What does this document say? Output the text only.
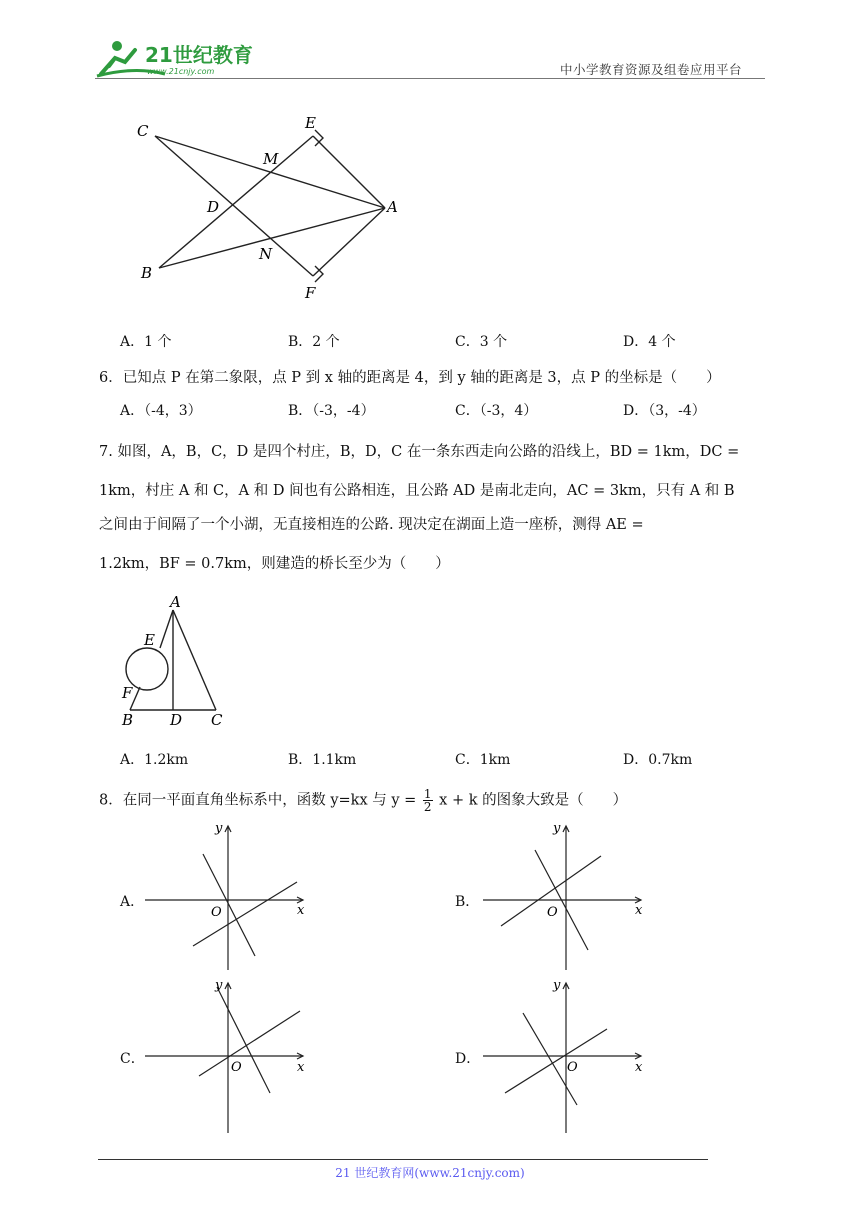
21世纪教育
www.21cnjy.com	中小学教育资源及组卷应用平台
C	E
M
D	A
B
N
F
A．1 个	B．2 个	C．3 个	D．4 个
6．已知点 P 在第二象限，点 P 到 x 轴的距离是 4，到 y 轴的距离是 3，点 P 的坐标是（　　）
A．（-4，3）	B．（-3，-4）	C．（-3，4）	D．（3，-4）
7. 如图，A，B，C，D 是四个村庄，B，D，C 在一条东西走向公路的沿线上，BD = 1km，DC =
1km，村庄 A 和 C，A 和 D 间也有公路相连，且公路 AD 是南北走向，AC = 3km，只有 A 和 B
之间由于间隔了一个小湖，无直接相连的公路. 现决定在湖面上造一座桥，测得 AE =
1.2km，BF = 0.7km，则建造的桥长至少为（　　）
A
E
F
B D C
A．1.2km	B．1.1km	C．1km	D．0.7km
8．在同一平面直角坐标系中，函数 y=kx 与 $y = \frac{1}{2}$ x + k 的图象大致是（　　）
A．	B．
C．	D．
y
x
O
y
x
O
y
x
O
y
x
O
21 世纪教育网(www.21cnjy.com)
